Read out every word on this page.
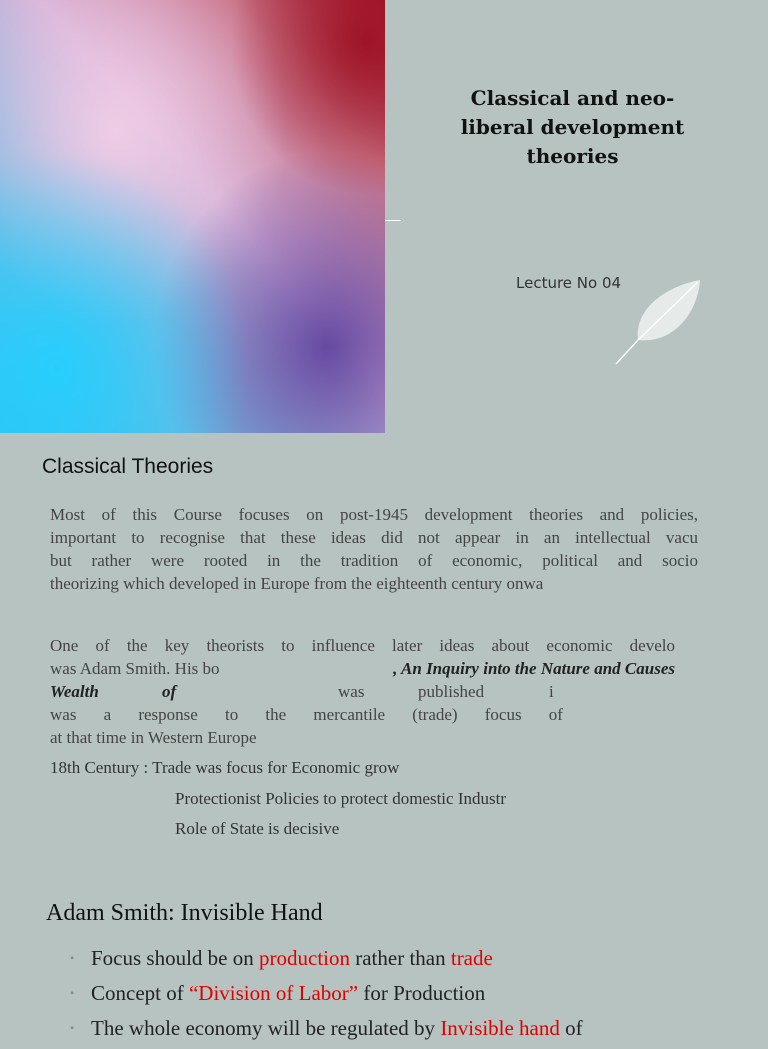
Classical and neo-
liberal development
theories
Lecture No 04
Classical Theories
Most of this Course focuses on post-1945 development theories and policies,
important to recognise that these ideas did not appear in an intellectual vacu
but rather were rooted in the tradition of economic, political and socio
theorizing which developed in Europe from the eighteenth century onwa
One of the key theorists to influence later ideas about economic develo
was Adam Smith. His bo	, An Inquiry into the Nature and Causes
Wealth	of	was	published	i
was a response to the mercantile (trade) focus of
at that time in Western Europe
18th Century : Trade was focus for Economic grow
Protectionist Policies to protect domestic Industr
Role of State is decisive
Adam Smith: Invisible Hand
• Focus should be on production rather than trade
• Concept of “Division of Labor” for Production
• The whole economy will be regulated by Invisible hand of
